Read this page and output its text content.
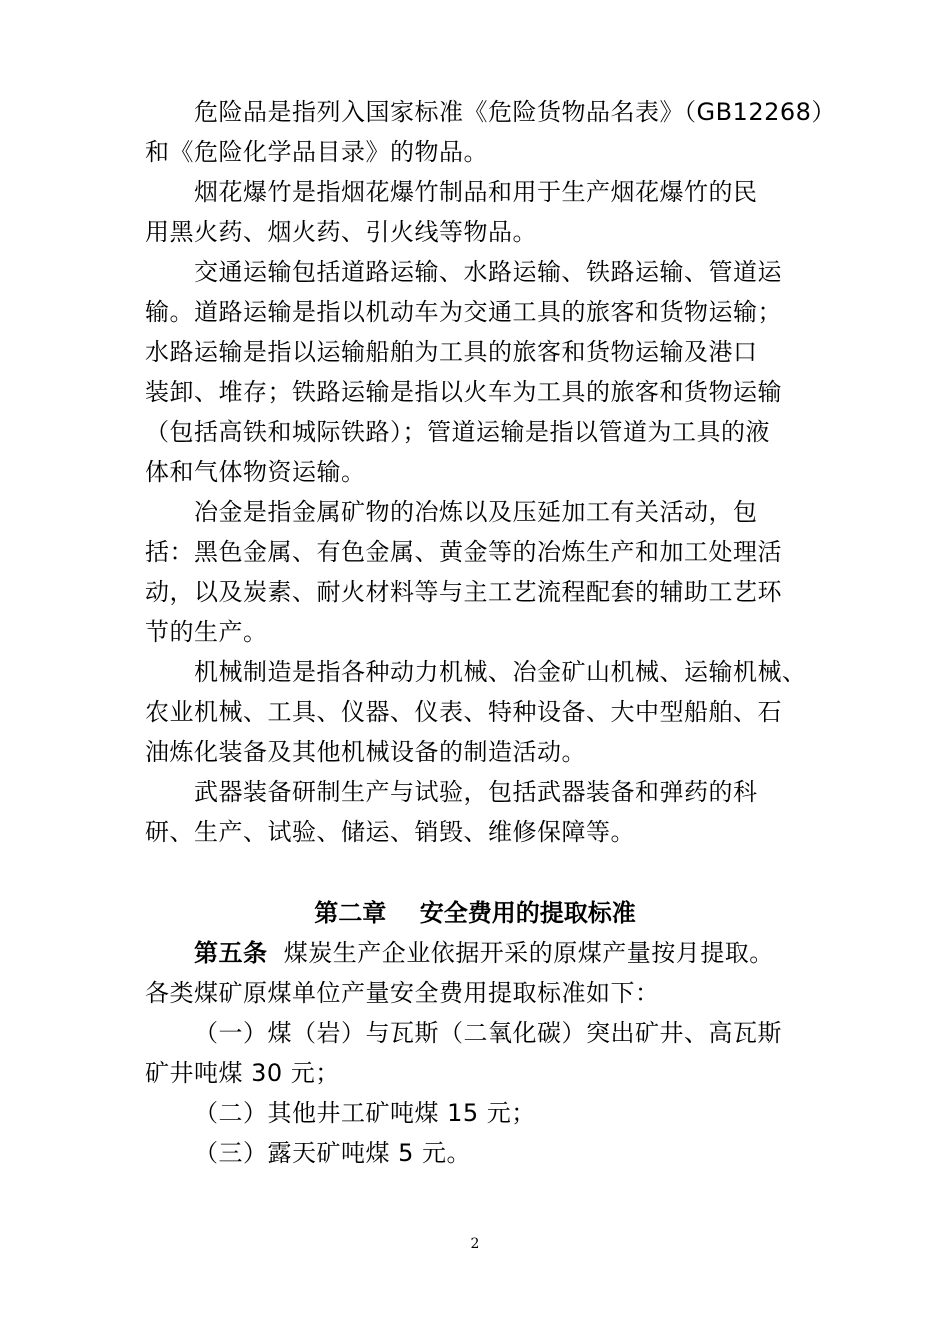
危险品是指列入国家标准《危险货物品名表》（GB12268）
和《危险化学品目录》的物品。
烟花爆竹是指烟花爆竹制品和用于生产烟花爆竹的民
用黑火药、烟火药、引火线等物品。
交通运输包括道路运输、水路运输、铁路运输、管道运
输。道路运输是指以机动车为交通工具的旅客和货物运输；
水路运输是指以运输船舶为工具的旅客和货物运输及港口
装卸、堆存；铁路运输是指以火车为工具的旅客和货物运输
（包括高铁和城际铁路）；管道运输是指以管道为工具的液
体和气体物资运输。
冶金是指金属矿物的冶炼以及压延加工有关活动，包
括：黑色金属、有色金属、黄金等的冶炼生产和加工处理活
动，以及炭素、耐火材料等与主工艺流程配套的辅助工艺环
节的生产。
机械制造是指各种动力机械、冶金矿山机械、运输机械、
农业机械、工具、仪器、仪表、特种设备、大中型船舶、石
油炼化装备及其他机械设备的制造活动。
武器装备研制生产与试验，包括武器装备和弹药的科
研、生产、试验、储运、销毁、维修保障等。
第二章    安全费用的提取标准
第五条  煤炭生产企业依据开采的原煤产量按月提取。
各类煤矿原煤单位产量安全费用提取标准如下：
（一）煤（岩）与瓦斯（二氧化碳）突出矿井、高瓦斯
矿井吨煤 30 元；
（二）其他井工矿吨煤 15 元；
（三）露天矿吨煤 5 元。
2
